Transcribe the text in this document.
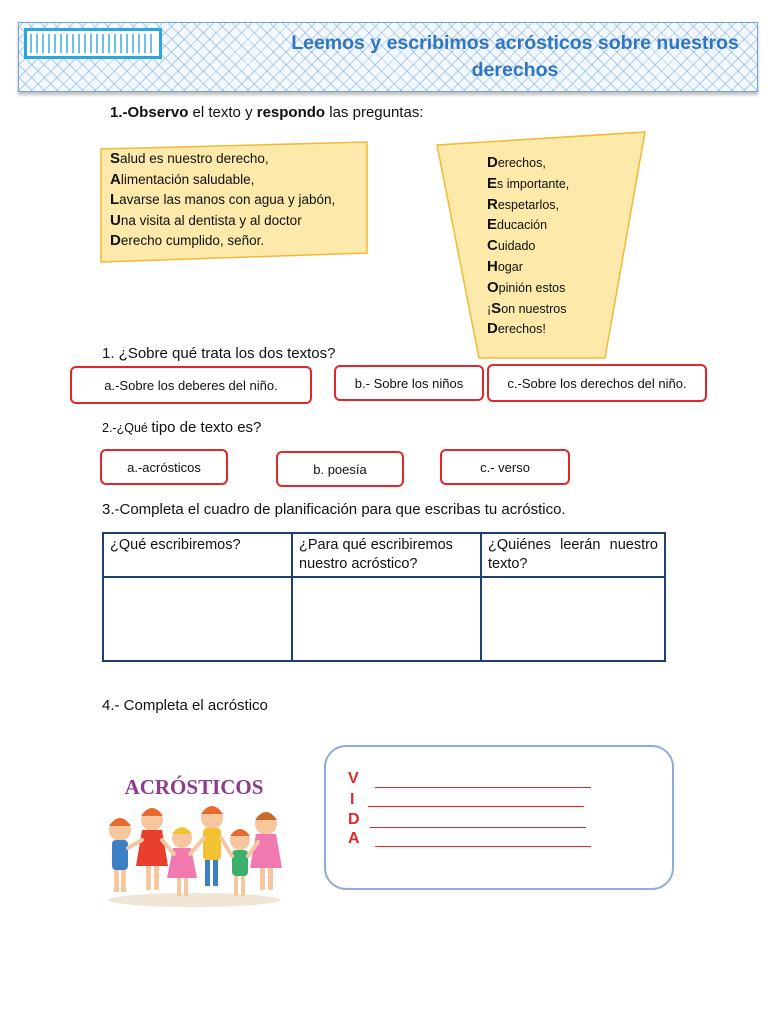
Leemos y escribimos acrósticos sobre nuestros
derechos
1.-Observo el texto y respondo las preguntas:
Salud es nuestro derecho,
Alimentación saludable,
Lavarse las manos con agua y jabón,
Una visita al dentista y al doctor
Derecho cumplido, señor.
Derechos,
Es importante,
Respetarlos,
Educación
Cuidado
Hogar
Opinión estos
¡Son nuestros
Derechos!
1. ¿Sobre qué trata los dos textos?
a.-Sobre los deberes del niño.	b.- Sobre los niños	c.-Sobre los derechos del niño.
2.-¿Qué tipo de texto es?
a.-acrósticos	b. poesía	c.- verso
3.-Completa el cuadro de planificación para que escribas tu acróstico.
¿Qué escribiremos?	¿Para qué escribiremos nuestro acróstico?	¿Quiénes leerán nuestro texto?

4.- Completa el acróstico
ACRÓSTICOS	V
I
D
A
